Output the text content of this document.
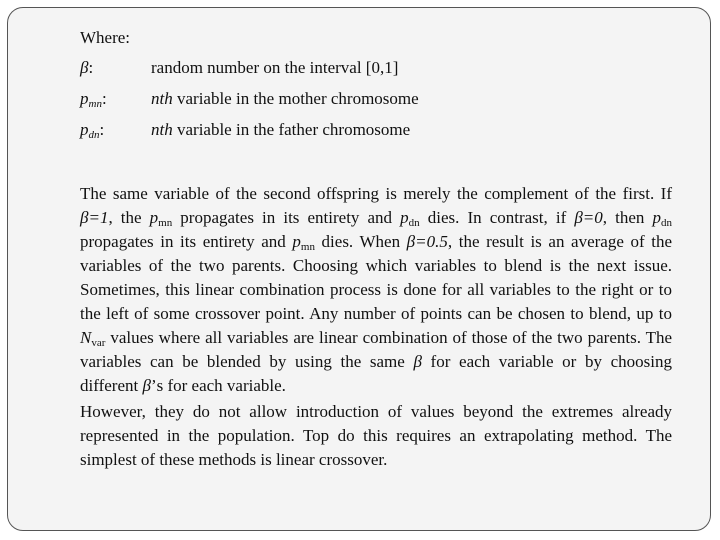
Where:
β:	random number on the interval [0,1]
$p_{mn}$:	nth variable in the mother chromosome
$p_{dn}$:	nth variable in the father chromosome

The same variable of the second offspring is merely the complement of the first. If β=1, the $p_{mn}$ propagates in its entirety and $p_{dn}$ dies. In contrast, if β=0, then $p_{dn}$ propagates in its entirety and $p_{mn}$ dies. When β=0.5, the result is an average of the variables of the two parents. Choosing which variables to blend is the next issue. Sometimes, this linear combination process is done for all variables to the right or to the left of some crossover point. Any number of points can be chosen to blend, up to $N_{var}$ values where all variables are linear combination of those of the two parents. The variables can be blended by using the same β for each variable or by choosing different β’s for each variable.

However, they do not allow introduction of values beyond the extremes already represented in the population. Top do this requires an extrapolating method. The simplest of these methods is linear crossover.
